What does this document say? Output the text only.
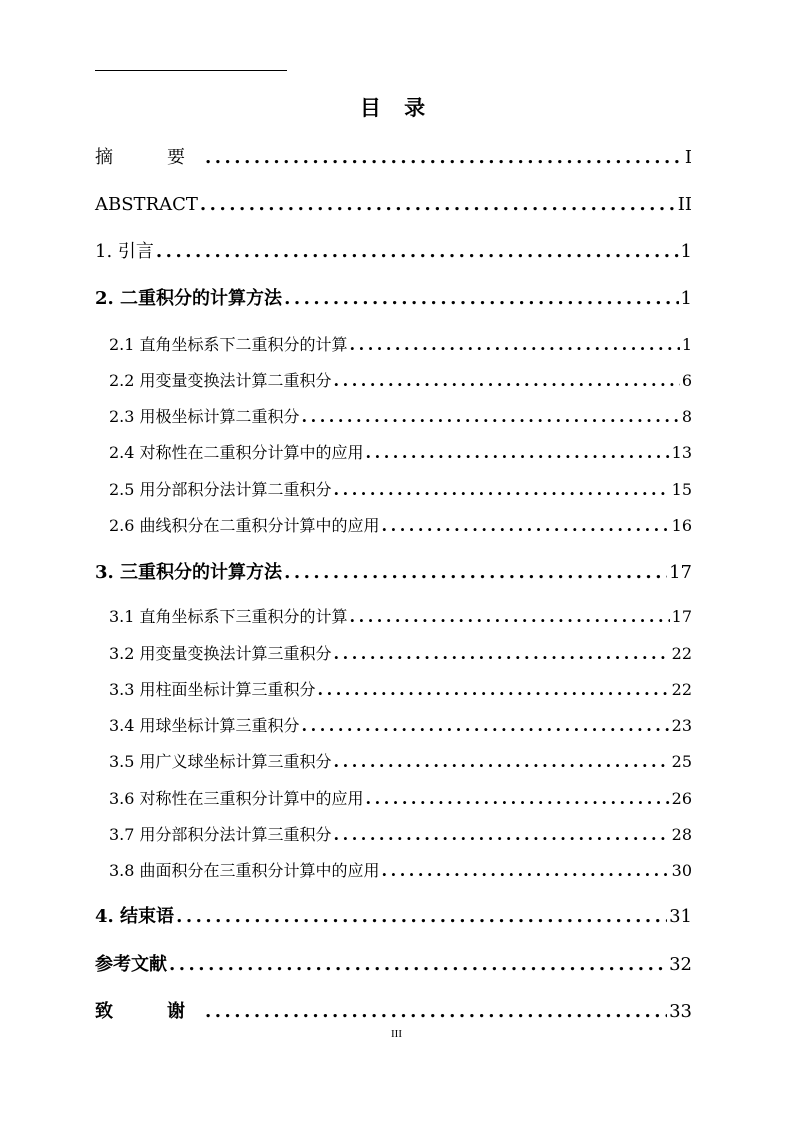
目 录
摘　要 .....	I
ABSTRACT .....	II
1. 引言 .....	1
2. 二重积分的计算方法 .....	1
2.1 直角坐标系下二重积分的计算 .....	1
2.2 用变量变换法计算二重积分 .....	6
2.3 用极坐标计算二重积分 .....	8
2.4 对称性在二重积分计算中的应用 .....	13
2.5 用分部积分法计算二重积分 .....	15
2.6 曲线积分在二重积分计算中的应用 .....	16
3. 三重积分的计算方法 .....	17
3.1 直角坐标系下三重积分的计算 .....	17
3.2 用变量变换法计算三重积分 .....	22
3.3 用柱面坐标计算三重积分 .....	22
3.4 用球坐标计算三重积分 .....	23
3.5 用广义球坐标计算三重积分 .....	25
3.6 对称性在三重积分计算中的应用 .....	26
3.7 用分部积分法计算三重积分 .....	28
3.8 曲面积分在三重积分计算中的应用 .....	30
4. 结束语 .....	31
参考文献 .....	32
致　谢 .....	33
III
